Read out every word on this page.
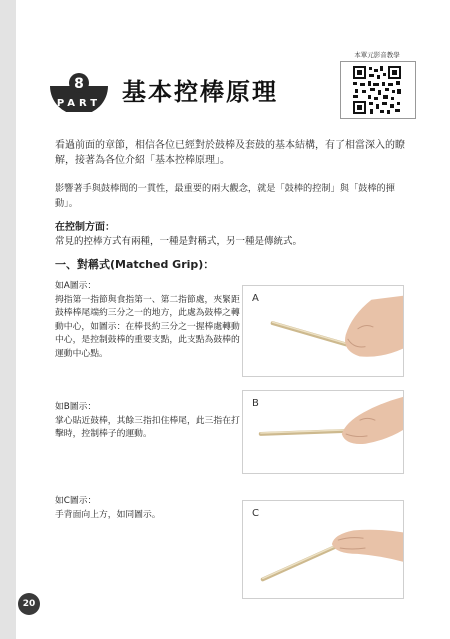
8
PART 基本控棒原理
本單元影音教學
看過前面的章節，相信各位已經對於鼓棒及套鼓的基本結構，有了相當深入的瞭解，接著為各位介紹「基本控棒原理」。
影響著手與鼓棒間的一貫性，最重要的兩大觀念，就是「鼓棒的控制」與「鼓棒的揮動」。
在控制方面：
常見的控棒方式有兩種，一種是對稱式，另一種是傳統式。
一、對稱式(Matched Grip)：
如A圖示：
拇指第一指節與食指第一、第二指節處，夾緊距鼓棒棒尾端約三分之一的地方，此處為鼓棒之轉動中心，如圖示：在棒長約三分之一握棒處轉動中心，是控制鼓棒的重要支點，此支點為鼓棒的運動中心點。
如B圖示：
掌心貼近鼓棒，其餘三指扣住棒尾，此三指在打擊時，控制棒子的運動。
如C圖示：
手背面向上方，如同圖示。
A
B
C
20
